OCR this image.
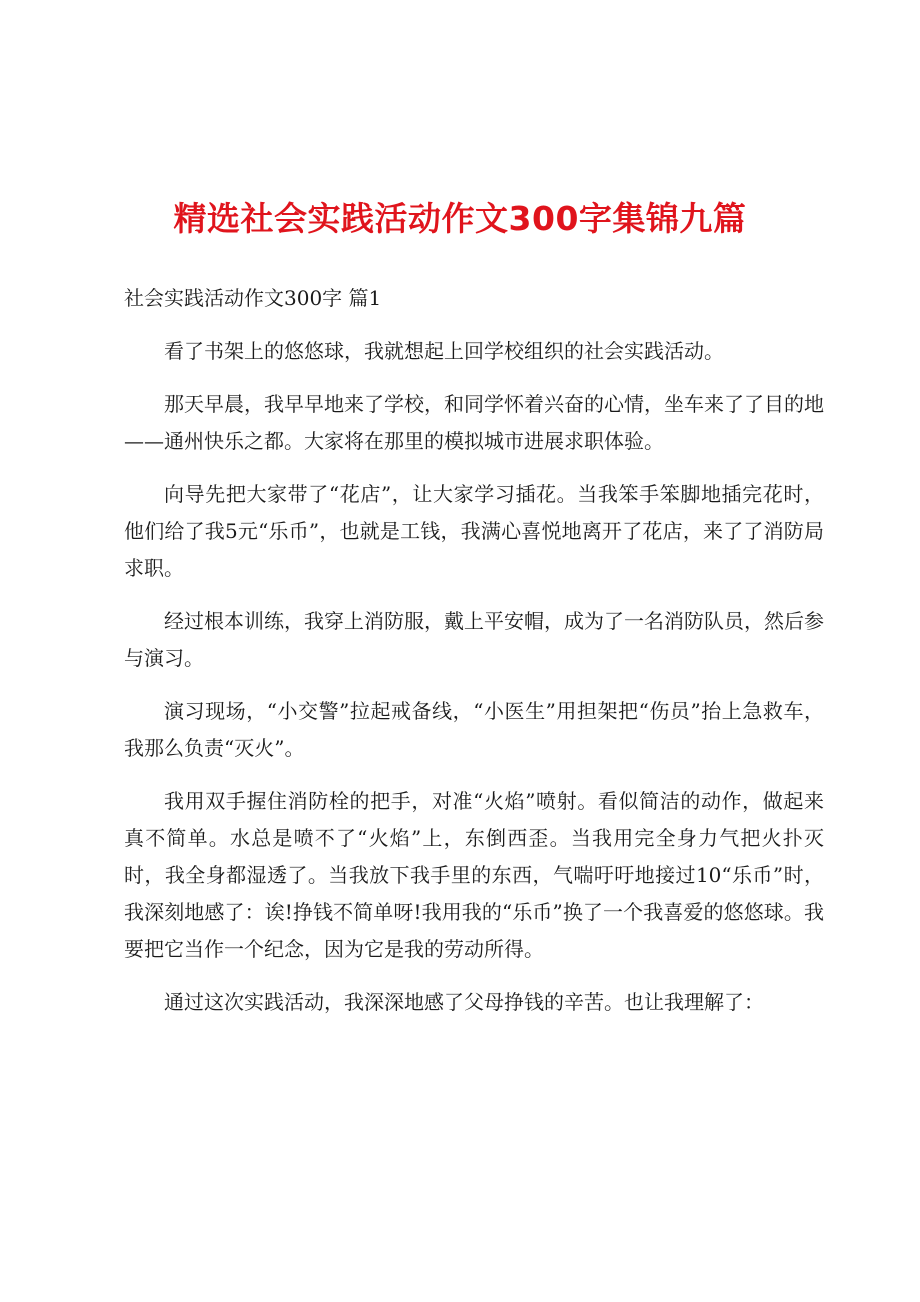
精选社会实践活动作文300字集锦九篇
社会实践活动作文300字 篇1

看了书架上的悠悠球，我就想起上回学校组织的社会实践活动。

那天早晨，我早早地来了学校，和同学怀着兴奋的心情，坐车来了了目的地——通州快乐之都。大家将在那里的模拟城市进展求职体验。

向导先把大家带了“花店”，让大家学习插花。当我笨手笨脚地插完花时，他们给了我5元“乐币”，也就是工钱，我满心喜悦地离开了花店，来了了消防局求职。

经过根本训练，我穿上消防服，戴上平安帽，成为了一名消防队员，然后参与演习。

演习现场，“小交警”拉起戒备线，“小医生”用担架把“伤员”抬上急救车，我那么负责“灭火”。

我用双手握住消防栓的把手，对准“火焰”喷射。看似简洁的动作，做起来真不简单。水总是喷不了“火焰”上，东倒西歪。当我用完全身力气把火扑灭时，我全身都湿透了。当我放下我手里的东西，气喘吁吁地接过10“乐币”时，我深刻地感了：诶!挣钱不简单呀!我用我的“乐币”换了一个我喜爱的悠悠球。我要把它当作一个纪念，因为它是我的劳动所得。

通过这次实践活动，我深深地感了父母挣钱的辛苦。也让我理解了：
